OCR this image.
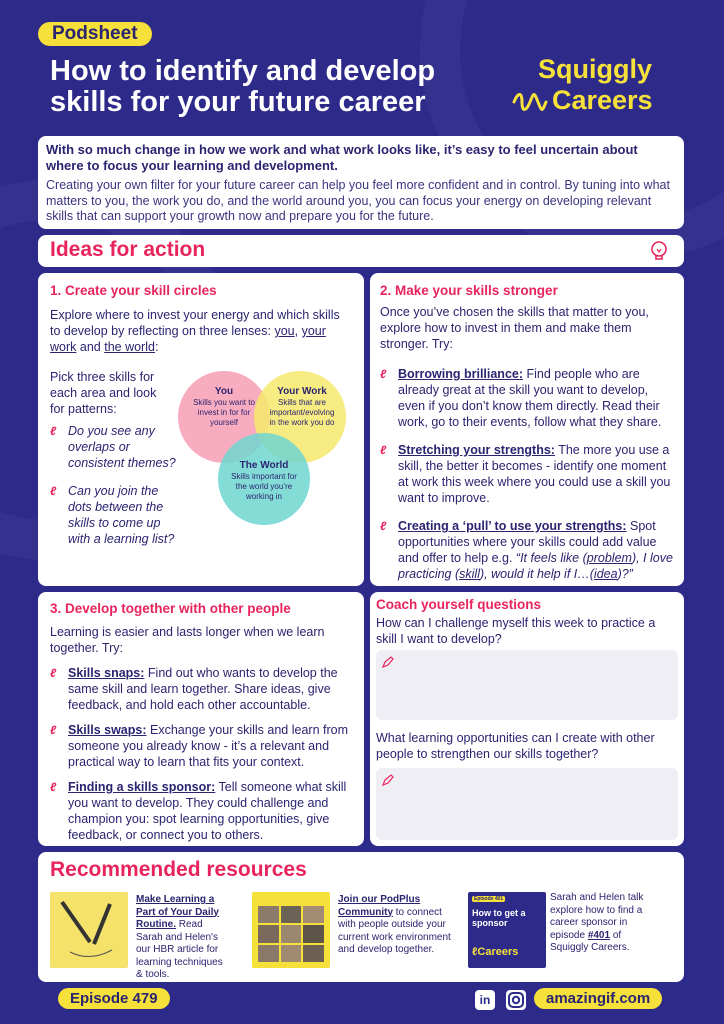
Podsheet
How to identify and develop skills for your future career
Squiggly
Careers
With so much change in how we work and what work looks like, it’s easy to feel uncertain about where to focus your learning and development.
Creating your own filter for your future career can help you feel more confident and in control. By tuning into what matters to you, the work you do, and the world around you, you can focus your energy on developing relevant skills that can support your growth now and prepare you for the future.
Ideas for action
1. Create your skill circles
Explore where to invest your energy and which skills to develop by reflecting on three lenses: you, your work and the world:
Pick three skills for each area and look for patterns:
ℓ Do you see any overlaps or consistent themes?
ℓ Can you join the dots between the skills to come up with a learning list?
You
Skills you want to invest in for for yourself
Your Work
Skills that are important/evolving in the work you do
The World
Skills important for the world you’re working in
2. Make your skills stronger
Once you’ve chosen the skills that matter to you, explore how to invest in them and make them stronger. Try:
ℓ Borrowing brilliance: Find people who are already great at the skill you want to develop, even if you don’t know them directly. Read their work, go to their events, follow what they share.
ℓ Stretching your strengths: The more you use a skill, the better it becomes - identify one moment at work this week where you could use a skill you want to improve.
ℓ Creating a ‘pull’ to use your strengths: Spot opportunities where your skills could add value and offer to help e.g. “It feels like (problem), I love practicing (skill), would it help if I…(idea)?”
3. Develop together with other people
Learning is easier and lasts longer when we learn together. Try:
ℓ Skills snaps: Find out who wants to develop the same skill and learn together. Share ideas, give feedback, and hold each other accountable.
ℓ Skills swaps: Exchange your skills and learn from someone you already know - it’s a relevant and practical way to learn that fits your context.
ℓ Finding a skills sponsor: Tell someone what skill you want to develop. They could challenge and champion you: spot learning opportunities, give feedback, or connect you to others.
Coach yourself questions
How can I challenge myself this week to practice a skill I want to develop?
What learning opportunities can I create with other people to strengthen our skills together?
Recommended resources
Make Learning a Part of Your Daily Routine. Read Sarah and Helen's our HBR article for learning techniques & tools.
Join our PodPlus Community to connect with people outside your current work environment and develop together.
Episode 401
How to get a sponsor
ℓCareers
Sarah and Helen talk explore how to find a career sponsor in episode #401 of Squiggly Careers.
Episode 479	in	amazingif.com
